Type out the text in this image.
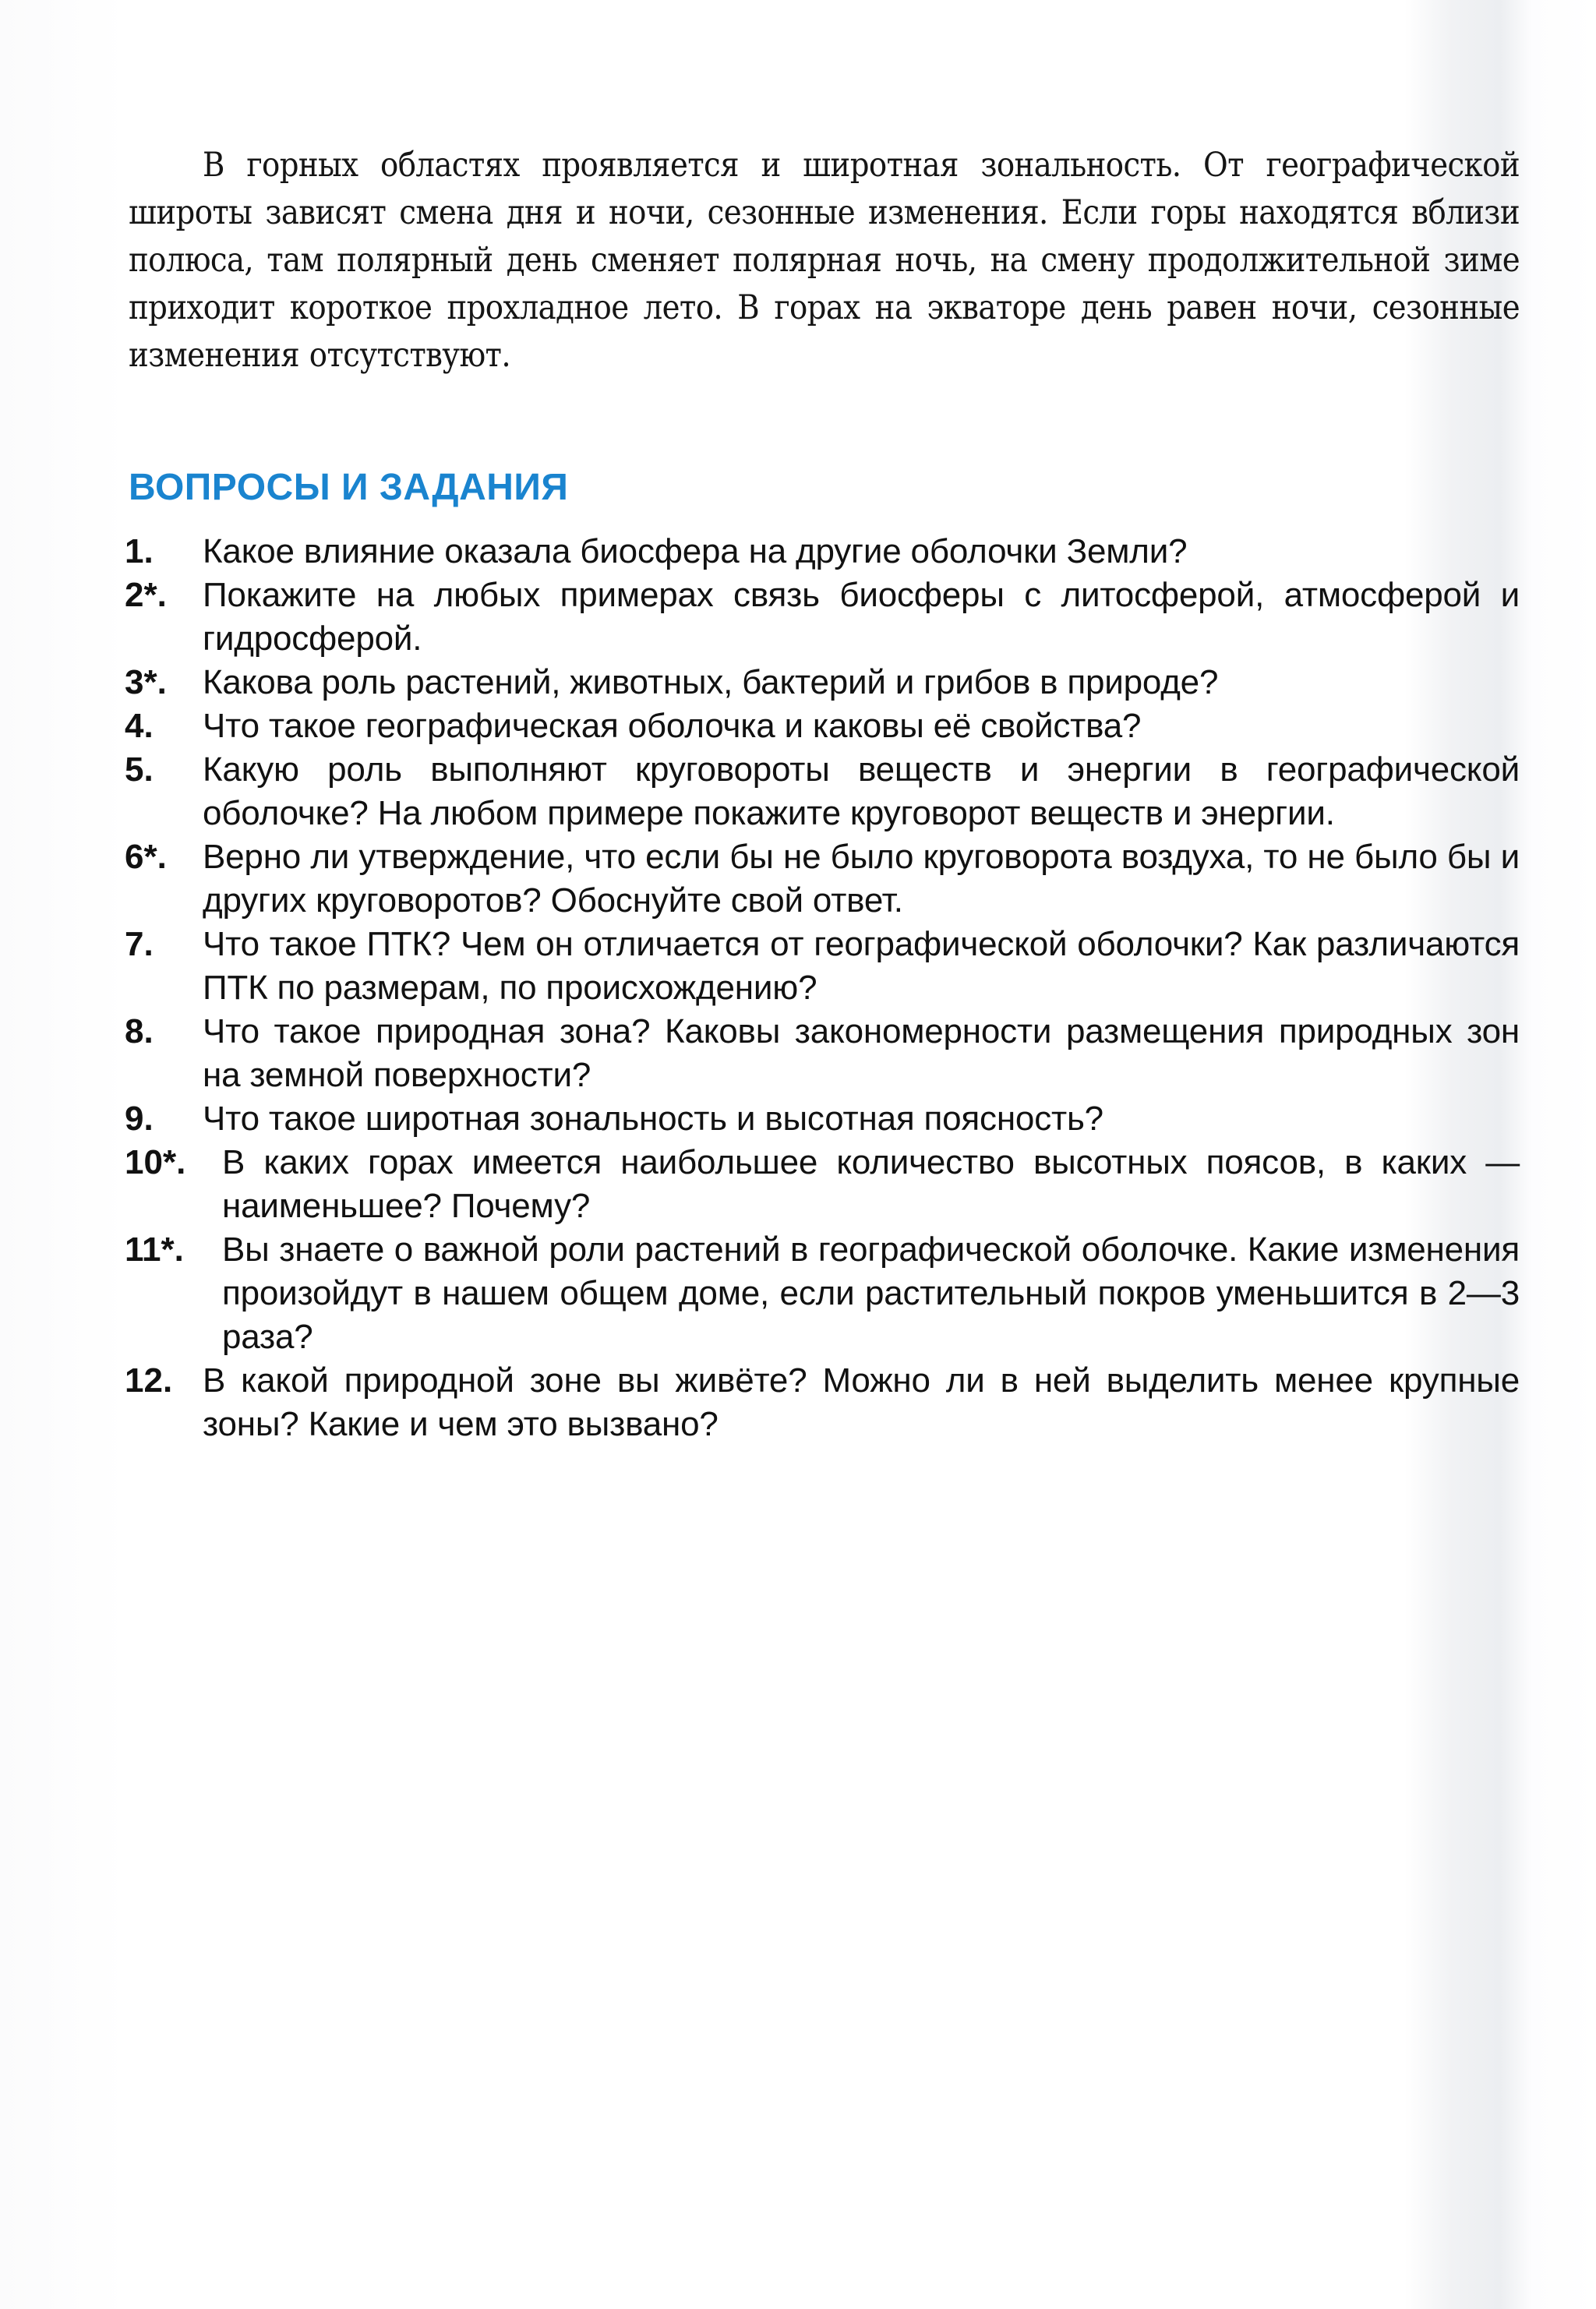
В горных областях проявляется и широтная зональность. От географической широты зависят смена дня и ночи, сезонные изменения. Если горы находятся вблизи полюса, там полярный день сменяет полярная ночь, на смену продолжительной зиме приходит короткое прохладное лето. В горах на экваторе день равен ночи, сезонные изменения отсутствуют.

ВОПРОСЫ И ЗАДАНИЯ
1.	Какое влияние оказала биосфера на другие оболочки Земли?
2*.	Покажите на любых примерах связь биосферы с литосферой, атмосферой и гидросферой.
3*.	Какова роль растений, животных, бактерий и грибов в природе?
4.	Что такое географическая оболочка и каковы её свойства?
5.	Какую роль выполняют круговороты веществ и энергии в географической оболочке? На любом примере покажите круговорот веществ и энергии.
6*.	Верно ли утверждение, что если бы не было круговорота воздуха, то не было бы и других круговоротов? Обоснуйте свой ответ.
7.	Что такое ПТК? Чем он отличается от географической оболочки? Как различаются ПТК по размерам, по происхождению?
8.	Что такое природная зона? Каковы закономерности размещения природных зон на земной поверхности?
9.	Что такое широтная зональность и высотная поясность?
10*.	В каких горах имеется наибольшее количество высотных поясов, в каких — наименьшее? Почему?
11*.	Вы знаете о важной роли растений в географической оболочке. Какие изменения произойдут в нашем общем доме, если растительный покров уменьшится в 2—3 раза?
12. В какой природной зоне вы живёте? Можно ли в ней выделить менее крупные зоны? Какие и чем это вызвано?
